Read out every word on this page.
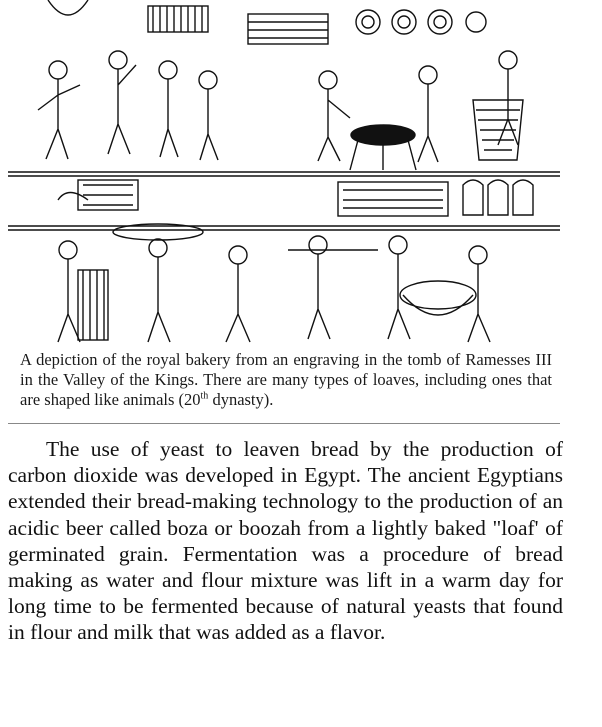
A depiction of the royal bakery from an engraving in the tomb of Ramesses III in the Valley of the Kings. There are many types of loaves, including ones that are shaped like animals (20th dynasty).

The use of yeast to leaven bread by the production of carbon dioxide was developed in Egypt. The ancient Egyptians extended their bread-making technology to the production of an acidic beer called boza or boozah from a lightly baked "loaf' of germinated grain. Fermentation was a procedure of bread making as water and flour mixture was lift in a warm day for long time to be fermented because of natural yeasts that found in flour and milk that was added as a flavor.
